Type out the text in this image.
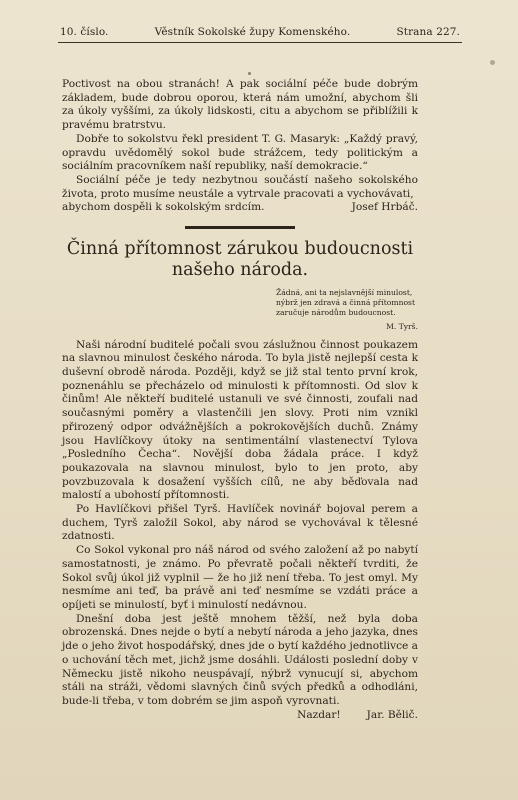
10. číslo.	Věstník Sokolské župy Komenského.	Strana 227.

Poctivost na obou stranách! A pak sociální péče bude dobrým základem, bude dobrou oporou, která nám umožní, abychom šli za úkoly vyššími, za úkoly lidskosti, citu a abychom se přiblížili k pravému bratrstvu.

Dobře to sokolstvu řekl president T. G. Masaryk: „Každý pravý, opravdu uvědomělý sokol bude strážcem, tedy politickým a sociálním pracovníkem naší republiky, naší demokracie.“

Sociální péče je tedy nezbytnou součástí našeho sokolského života, proto musíme neustále a vytrvale pracovati a vychovávati,

abychom dospěli k sokolským srdcím.	Josef Hrbáč.
Činná přítomnost zárukou budoucnosti
našeho národa.
Žádná, ani ta nejslavnější minulost, nýbrž jen zdravá a činná přítomnost zaručuje národům budoucnost.
M. Tyrš.

Naši národní buditelé počali svou záslužnou činnost poukazem na slavnou minulost českého národa. To byla jistě nejlepší cesta k duševní obrodě národa. Později, když se již stal tento první krok, poznenáhlu se přecházelo od minulosti k přítomnosti. Od slov k činům! Ale někteří buditelé ustanuli ve své činnosti, zoufali nad současnými poměry a vlastenčili jen slovy. Proti nim vznikl přirozený odpor odvážnějších a pokrokovějších duchů. Známy jsou Havlíčkovy útoky na sentimentální vlastenectví Tylova „Posledního Čecha“. Novější doba žádala práce. I když poukazovala na slavnou minulost, bylo to jen proto, aby povzbuzovala k dosažení vyšších cílů, ne aby běďovala nad malostí a ubohostí přítomnosti.

Po Havlíčkovi přišel Tyrš. Havlíček novinář bojoval perem a duchem, Tyrš založil Sokol, aby národ se vychovával k tělesné zdatnosti.

Co Sokol vykonal pro náš národ od svého založení až po nabytí samostatnosti, je známo. Po převratě počali někteří tvrditi, že Sokol svůj úkol již vyplnil — že ho již není třeba. To jest omyl. My nesmíme ani teď, ba právě ani teď nesmíme se vzdáti práce a opíjeti se minulostí, byť i minulostí nedávnou.

Dnešní doba jest ještě mnohem těžší, než byla doba obrozenská. Dnes nejde o bytí a nebytí národa a jeho jazyka, dnes jde o jeho život hospodářský, dnes jde o bytí každého jednotlivce a o uchování těch met, jichž jsme dosáhli. Události poslední doby v Německu jistě nikoho neuspávají, nýbrž vynucují si, abychom stáli na stráži, vědomi slavných činů svých předků a odhodláni, bude-li třeba, v tom dobrém se jim aspoň vyrovnati.

Nazdar! Jar. Bělič.
